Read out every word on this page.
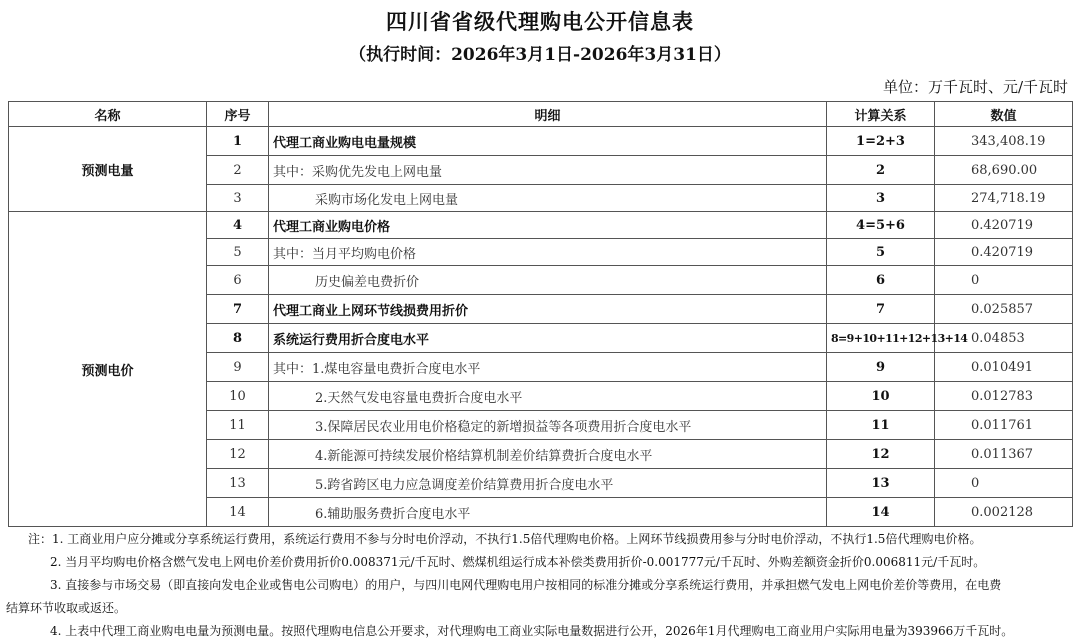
四川省省级代理购电公开信息表
（执行时间：2026年3月1日-2026年3月31日）
单位：万千瓦时、元/千瓦时
名称	序号	明细	计算关系	数值
预测电量	1	代理工商业购电电量规模	1=2+3	343,408.19
	2	其中：采购优先发电上网电量	2	68,690.00
	3	采购市场化发电上网电量	3	274,718.19
预测电价	4	代理工商业购电价格	4=5+6	0.420719
	5	其中：当月平均购电价格	5	0.420719
	6	历史偏差电费折价	6	0
	7	代理工商业上网环节线损费用折价	7	0.025857
	8	系统运行费用折合度电水平	8=9+10+11+12+13+14	0.04853
	9	其中：1.煤电容量电费折合度电水平	9	0.010491
	10	2.天然气发电容量电费折合度电水平	10	0.012783
	11	3.保障居民农业用电价格稳定的新增损益等各项费用折合度电水平	11	0.011761
	12	4.新能源可持续发展价格结算机制差价结算费折合度电水平	12	0.011367
	13	5.跨省跨区电力应急调度差价结算费用折合度电水平	13	0
	14	6.辅助服务费折合度电水平	14	0.002128
注：1. 工商业用户应分摊或分享系统运行费用，系统运行费用不参与分时电价浮动，不执行1.5倍代理购电价格。上网环节线损费用参与分时电价浮动，不执行1.5倍代理购电价格。
2. 当月平均购电价格含燃气发电上网电价差价费用折价0.008371元/千瓦时、燃煤机组运行成本补偿类费用折价-0.001777元/千瓦时、外购差额资金折价0.006811元/千瓦时。
3. 直接参与市场交易（即直接向发电企业或售电公司购电）的用户，与四川电网代理购电用户按相同的标准分摊或分享系统运行费用，并承担燃气发电上网电价差价等费用，在电费
结算环节收取或返还。
4. 上表中代理工商业购电电量为预测电量。按照代理购电信息公开要求，对代理购电工商业实际电量数据进行公开，2026年1月代理购电工商业用户实际用电量为393966万千瓦时。
